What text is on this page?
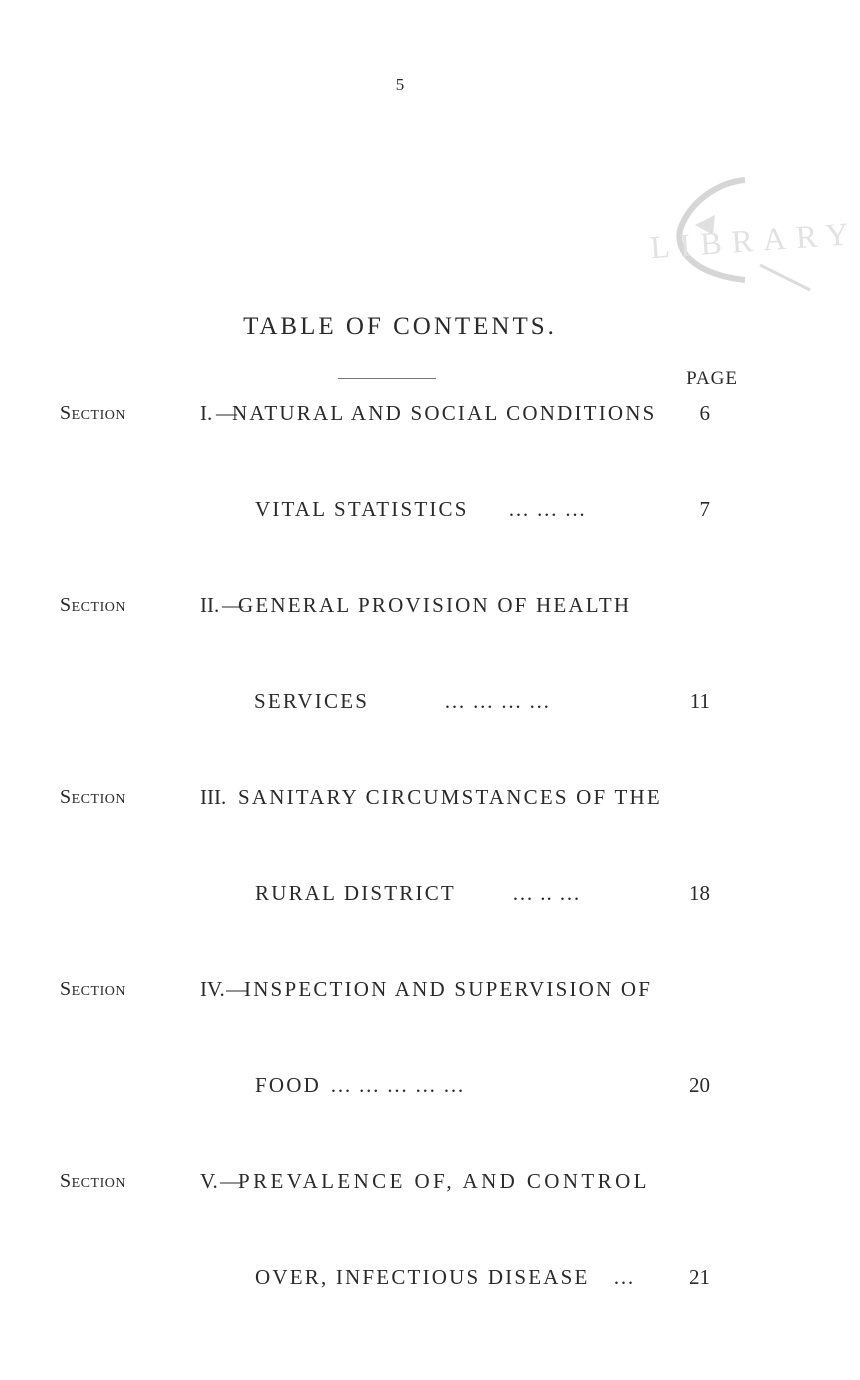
5
LIBRARY
TABLE OF CONTENTS.
PAGE
Section	I. —
NATURAL AND SOCIAL CONDITIONS	6
VITAL STATISTICS … … …	7
Section	II. —
GENERAL PROVISION OF HEALTH
SERVICES	… … … …	11
Section	III. SANITARY CIRCUMSTANCES OF THE
RURAL DISTRICT	… .. …	18
Section	IV. —
INSPECTION AND SUPERVISION OF
FOOD … … … … …	20
Section	V. —
PREVALENCE OF, AND CONTROL
OVER, INFECTIOUS DISEASE …	21
